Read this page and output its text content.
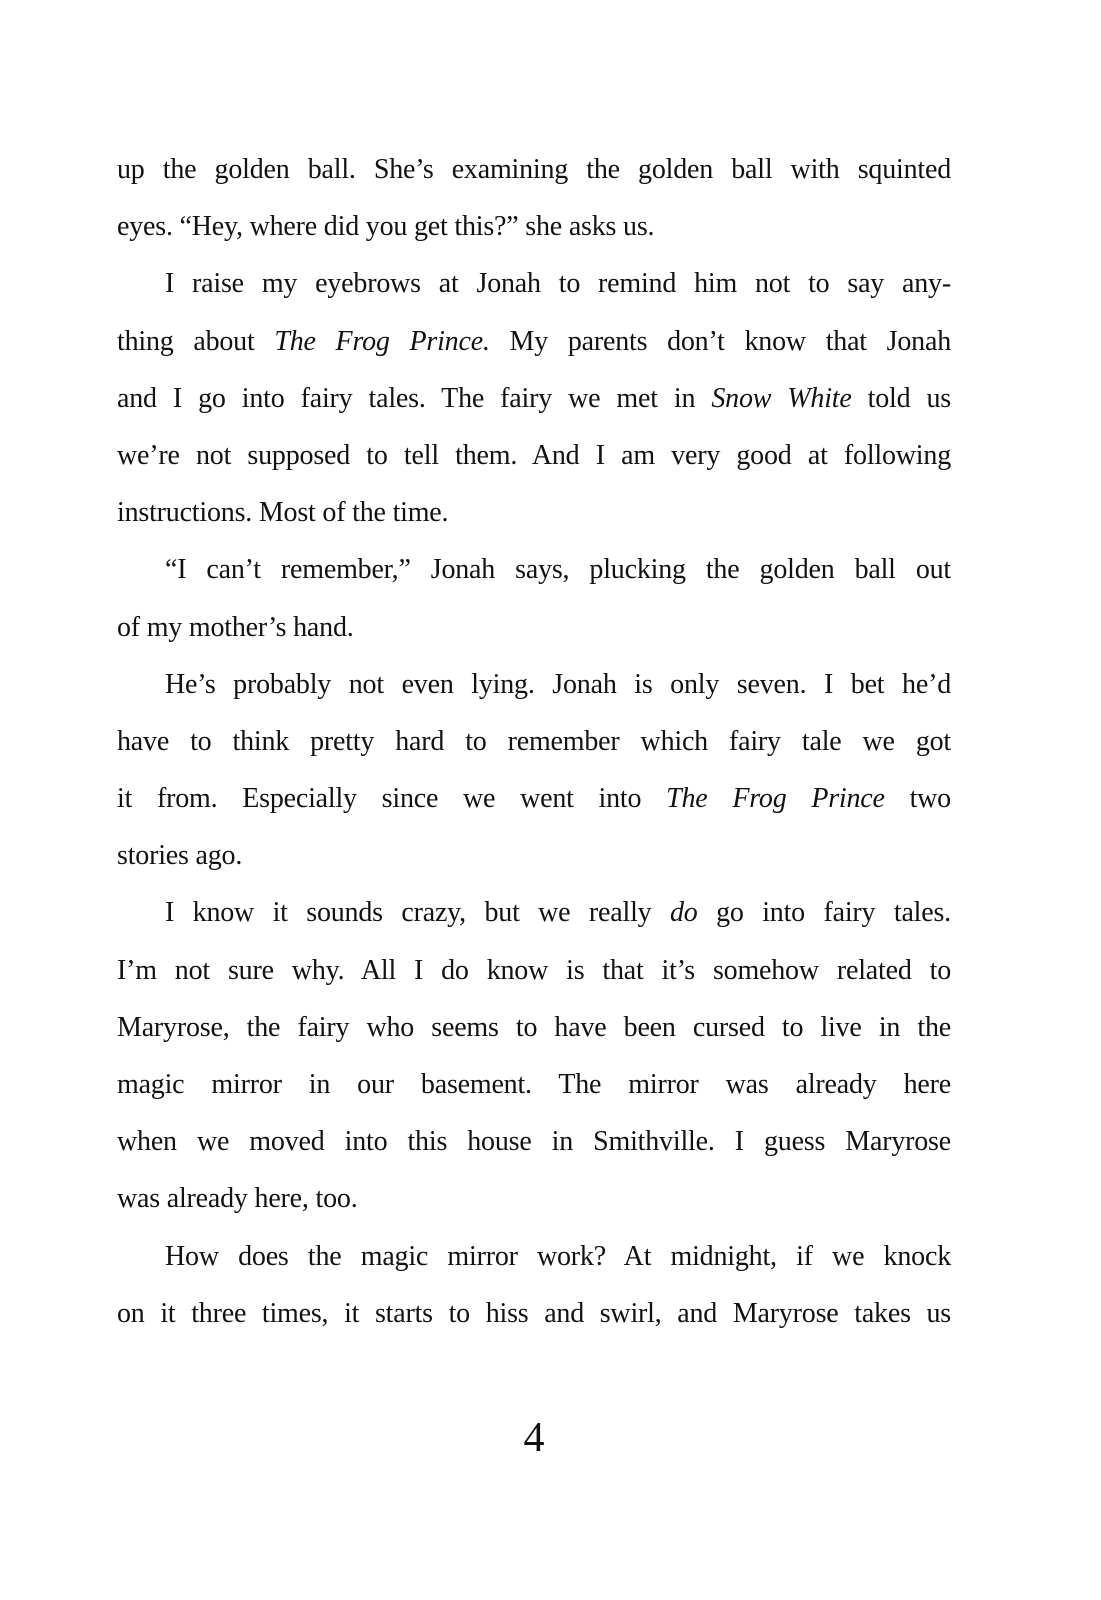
up the golden ball. She’s examining the golden ball with squinted
eyes. “Hey, where did you get this?” she asks us.
I raise my eyebrows at Jonah to remind him not to say any-
thing about The Frog Prince. My parents don’t know that Jonah
and I go into fairy tales. The fairy we met in Snow White told us
we’re not supposed to tell them. And I am very good at following
instructions. Most of the time.
“I can’t remember,” Jonah says, plucking the golden ball out
of my mother’s hand.
He’s probably not even lying. Jonah is only seven. I bet he’d
have to think pretty hard to remember which fairy tale we got
it from. Especially since we went into The Frog Prince two
stories ago.
I know it sounds crazy, but we really do go into fairy tales.
I’m not sure why. All I do know is that it’s somehow related to
Maryrose, the fairy who seems to have been cursed to live in the
magic mirror in our basement. The mirror was already here
when we moved into this house in Smithville. I guess Maryrose
was already here, too.
How does the magic mirror work? At midnight, if we knock
on it three times, it starts to hiss and swirl, and Maryrose takes us
4
